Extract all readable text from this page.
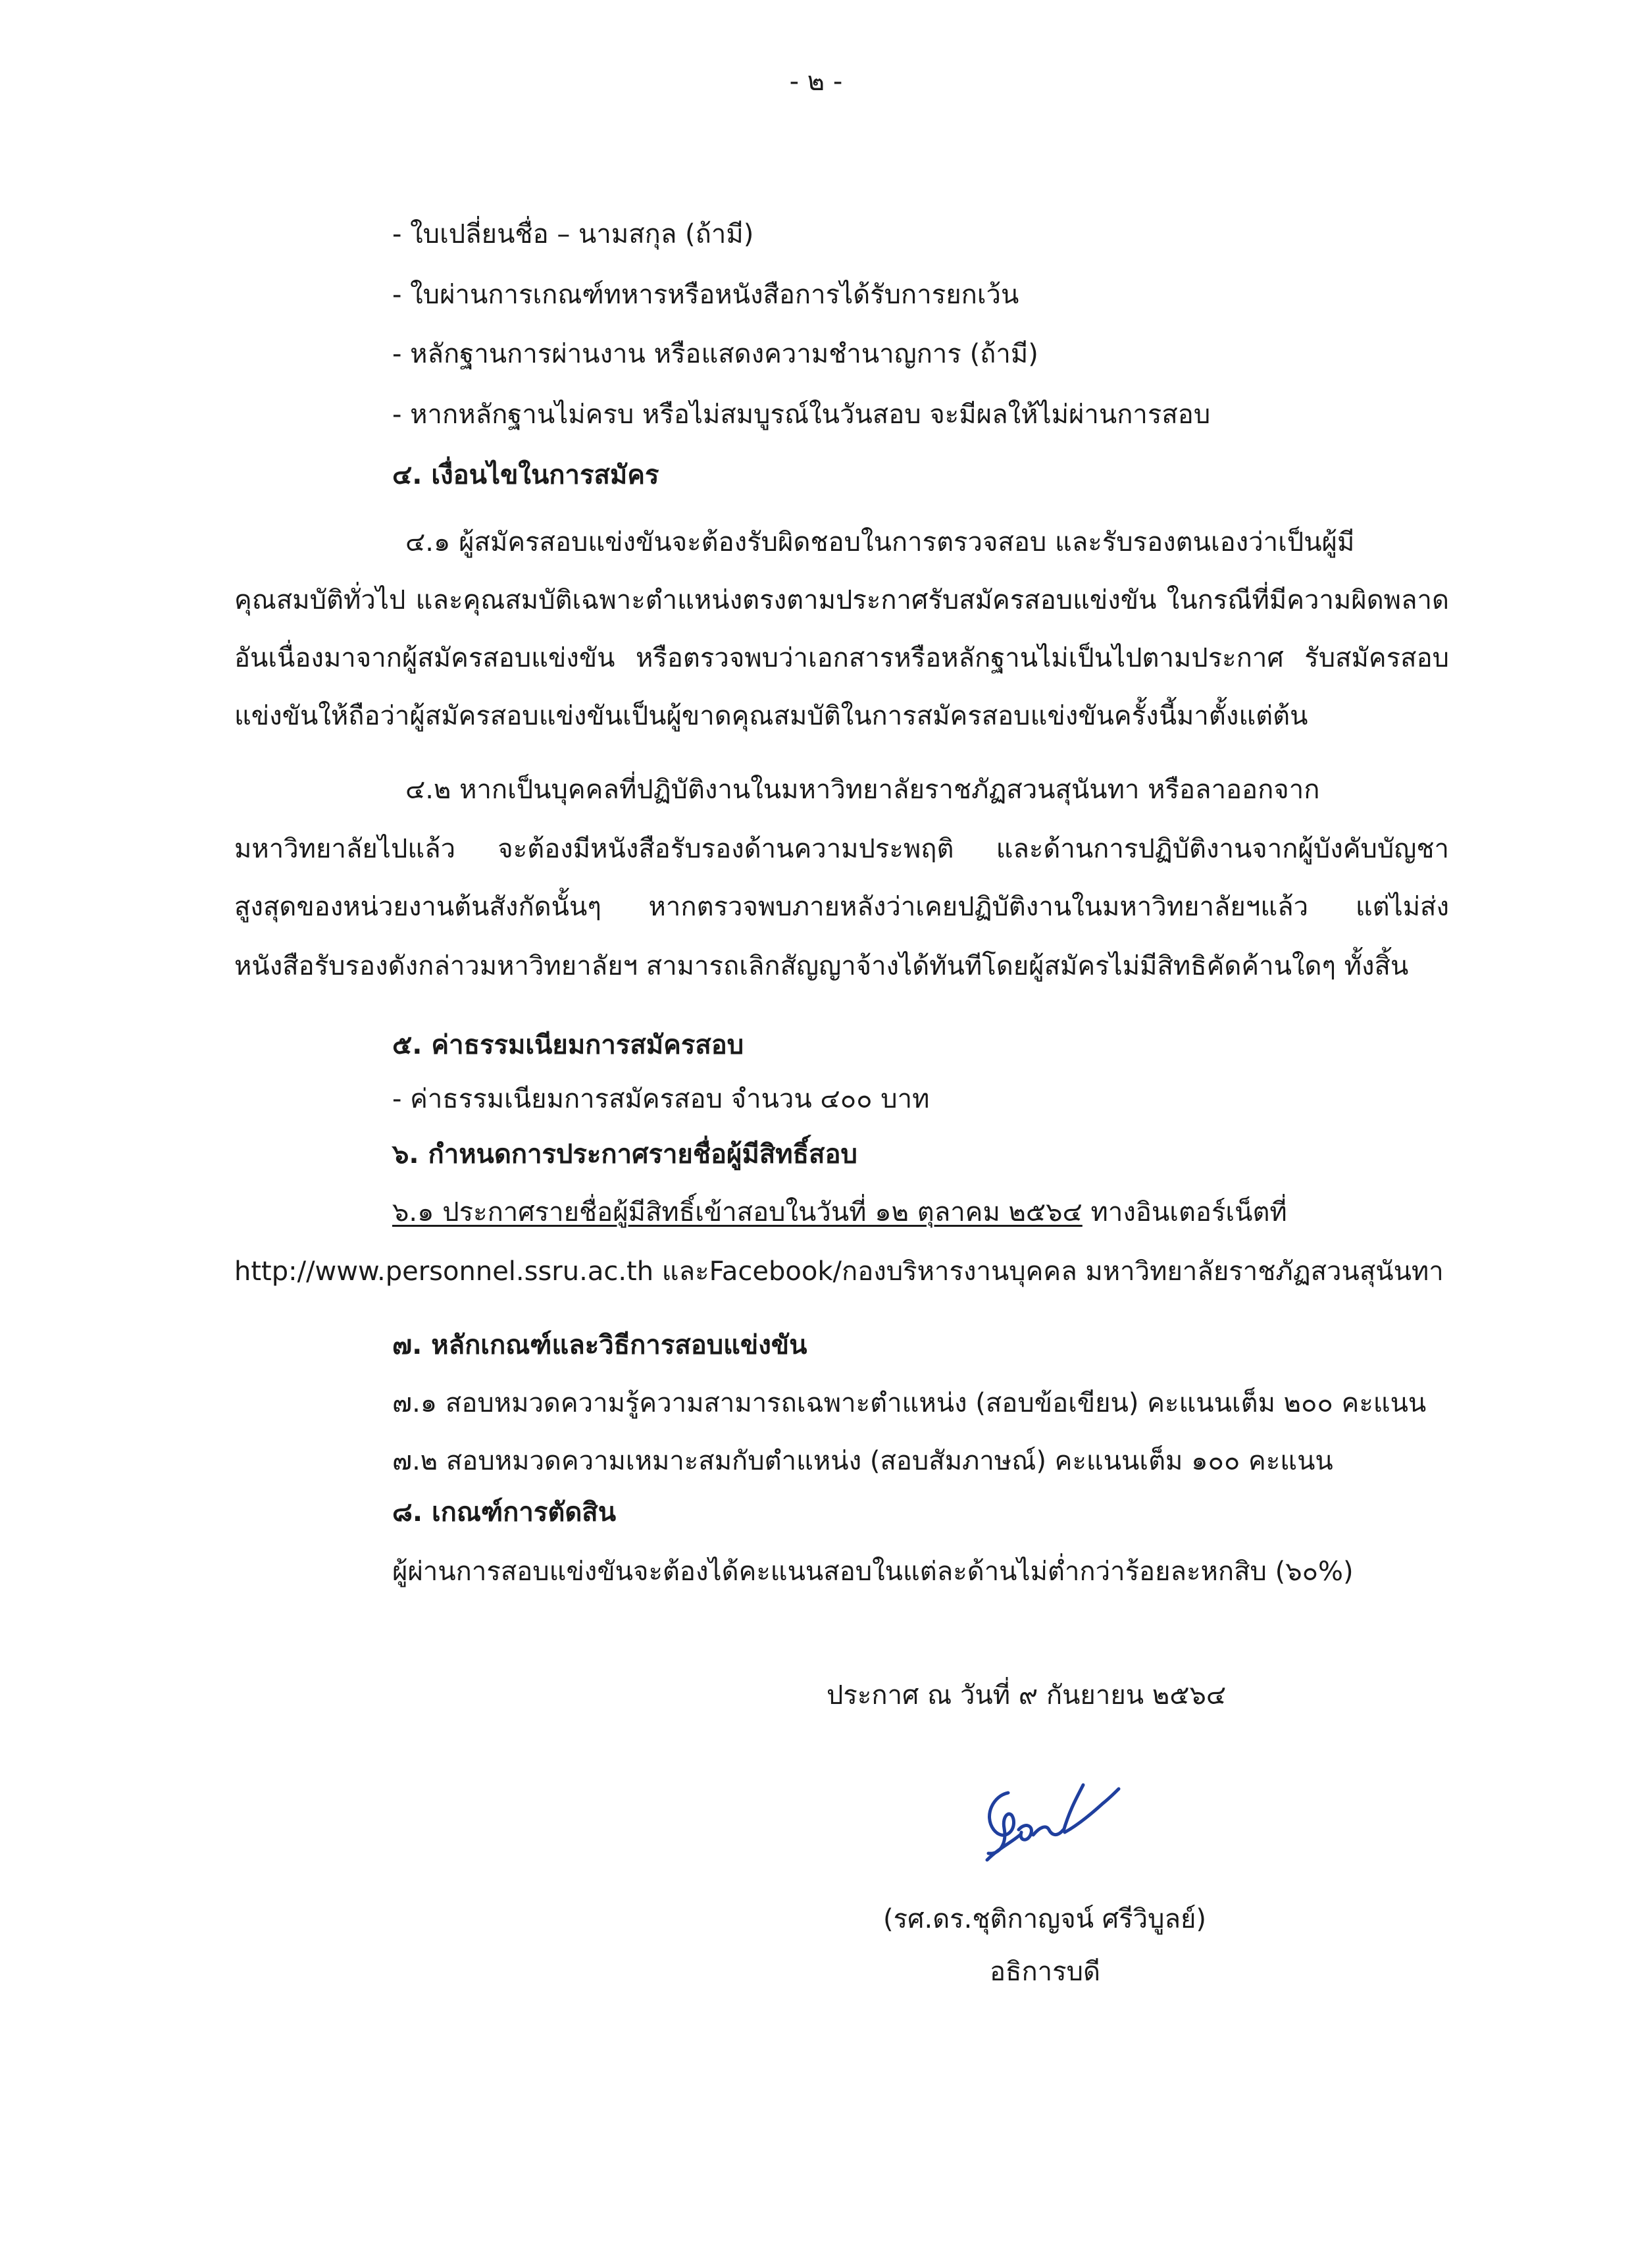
- ๒ -
- ใบเปลี่ยนชื่อ – นามสกุล (ถ้ามี)
- ใบผ่านการเกณฑ์ทหารหรือหนังสือการได้รับการยกเว้น
- หลักฐานการผ่านงาน หรือแสดงความชำนาญการ (ถ้ามี)
- หากหลักฐานไม่ครบ หรือไม่สมบูรณ์ในวันสอบ จะมีผลให้ไม่ผ่านการสอบ
๔. เงื่อนไขในการสมัคร
๔.๑ ผู้สมัครสอบแข่งขันจะต้องรับผิดชอบในการตรวจสอบ และรับรองตนเองว่าเป็นผู้มี
คุณสมบัติทั่วไป และคุณสมบัติเฉพาะตำแหน่งตรงตามประกาศรับสมัครสอบแข่งขัน ในกรณีที่มีความผิดพลาด
อันเนื่องมาจากผู้สมัครสอบแข่งขัน หรือตรวจพบว่าเอกสารหรือหลักฐานไม่เป็นไปตามประกาศ รับสมัครสอบ
แข่งขันให้ถือว่าผู้สมัครสอบแข่งขันเป็นผู้ขาดคุณสมบัติในการสมัครสอบแข่งขันครั้งนี้มาตั้งแต่ต้น
๔.๒ หากเป็นบุคคลที่ปฏิบัติงานในมหาวิทยาลัยราชภัฏสวนสุนันทา หรือลาออกจาก
มหาวิทยาลัยไปแล้ว จะต้องมีหนังสือรับรองด้านความประพฤติ และด้านการปฏิบัติงานจากผู้บังคับบัญชา
สูงสุดของหน่วยงานต้นสังกัดนั้นๆ หากตรวจพบภายหลังว่าเคยปฏิบัติงานในมหาวิทยาลัยฯแล้ว แต่ไม่ส่ง
หนังสือรับรองดังกล่าวมหาวิทยาลัยฯ สามารถเลิกสัญญาจ้างได้ทันทีโดยผู้สมัครไม่มีสิทธิคัดค้านใดๆ ทั้งสิ้น
๕. ค่าธรรมเนียมการสมัครสอบ
- ค่าธรรมเนียมการสมัครสอบ จำนวน ๔๐๐ บาท
๖. กำหนดการประกาศรายชื่อผู้มีสิทธิ์สอบ
๖.๑ ประกาศรายชื่อผู้มีสิทธิ์เข้าสอบในวันที่ ๑๒ ตุลาคม ๒๕๖๔ ทางอินเตอร์เน็ตที่
http://www.personnel.ssru.ac.th และFacebook/กองบริหารงานบุคคล มหาวิทยาลัยราชภัฏสวนสุนันทา
๗. หลักเกณฑ์และวิธีการสอบแข่งขัน
๗.๑ สอบหมวดความรู้ความสามารถเฉพาะตำแหน่ง (สอบข้อเขียน) คะแนนเต็ม ๒๐๐ คะแนน
๗.๒ สอบหมวดความเหมาะสมกับตำแหน่ง (สอบสัมภาษณ์) คะแนนเต็ม ๑๐๐ คะแนน
๘. เกณฑ์การตัดสิน
ผู้ผ่านการสอบแข่งขันจะต้องได้คะแนนสอบในแต่ละด้านไม่ต่ำกว่าร้อยละหกสิบ (๖๐%)
ประกาศ ณ วันที่ ๙ กันยายน ๒๕๖๔
(รศ.ดร.ชุติกาญจน์ ศรีวิบูลย์)
อธิการบดี
